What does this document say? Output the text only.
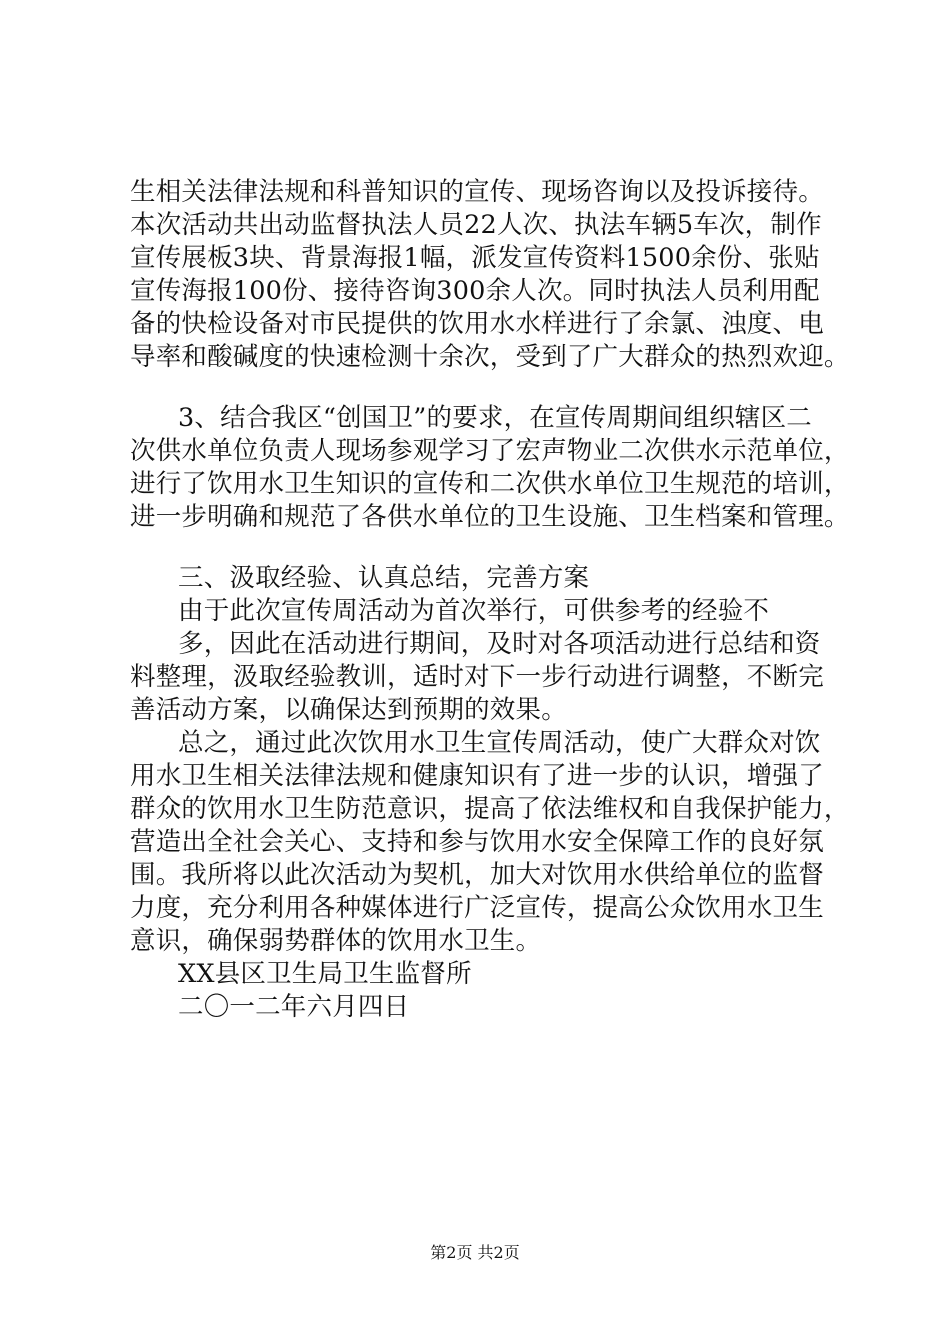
生相关法律法规和科普知识的宣传、现场咨询以及投诉接待。
本次活动共出动监督执法人员22人次、执法车辆5车次，制作
宣传展板3块、背景海报1幅，派发宣传资料1500余份、张贴
宣传海报100份、接待咨询300余人次。同时执法人员利用配
备的快检设备对市民提供的饮用水水样进行了余氯、浊度、电
导率和酸碱度的快速检测十余次，受到了广大群众的热烈欢迎。
3、结合我区“创国卫”的要求，在宣传周期间组织辖区二
次供水单位负责人现场参观学习了宏声物业二次供水示范单位，
进行了饮用水卫生知识的宣传和二次供水单位卫生规范的培训，
进一步明确和规范了各供水单位的卫生设施、卫生档案和管理。
三、汲取经验、认真总结，完善方案
由于此次宣传周活动为首次举行，可供参考的经验不
多，因此在活动进行期间，及时对各项活动进行总结和资
料整理，汲取经验教训，适时对下一步行动进行调整，不断完
善活动方案，以确保达到预期的效果。
总之，通过此次饮用水卫生宣传周活动，使广大群众对饮
用水卫生相关法律法规和健康知识有了进一步的认识，增强了
群众的饮用水卫生防范意识，提高了依法维权和自我保护能力，
营造出全社会关心、支持和参与饮用水安全保障工作的良好氛
围。我所将以此次活动为契机，加大对饮用水供给单位的监督
力度，充分利用各种媒体进行广泛宣传，提高公众饮用水卫生
意识，确保弱势群体的饮用水卫生。
XX县区卫生局卫生监督所
二〇一二年六月四日
第2页 共2页
